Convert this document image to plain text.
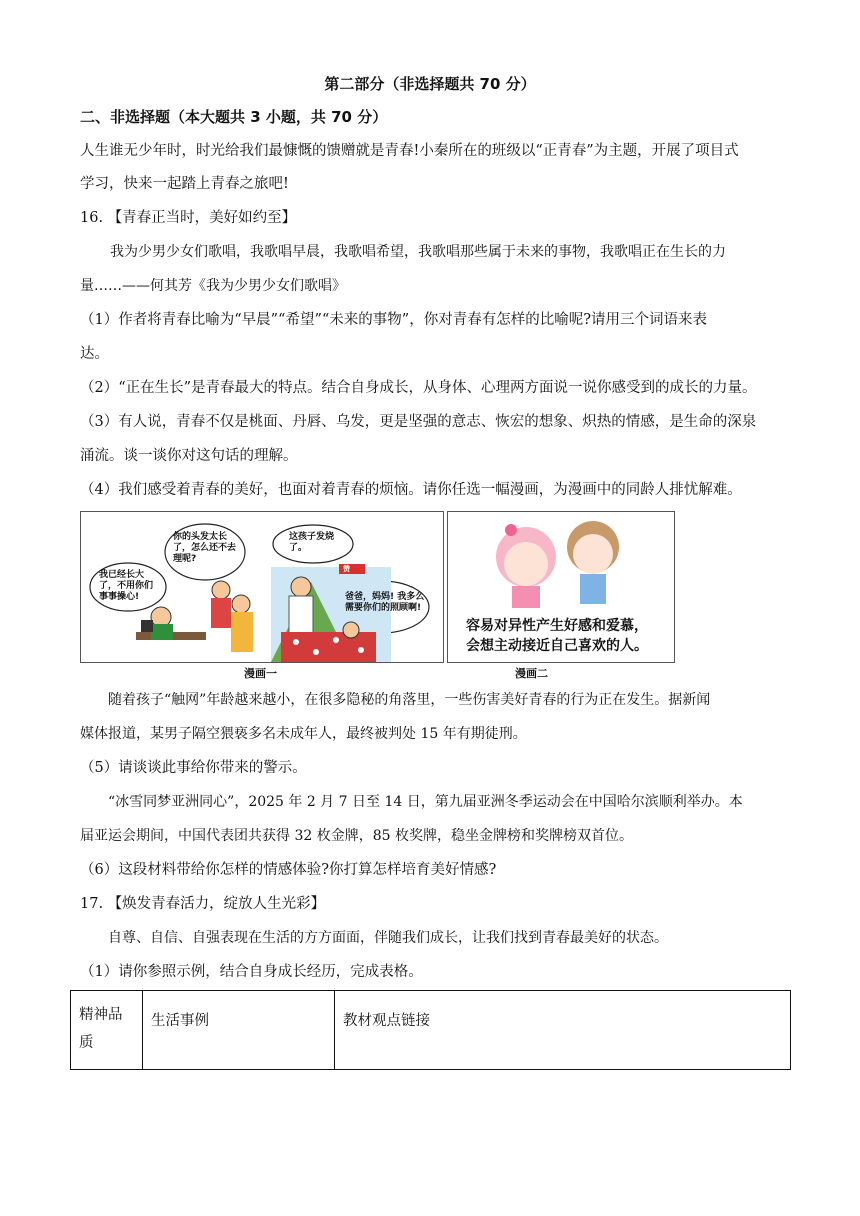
第二部分（非选择题共 70 分）
二、非选择题（本大题共 3 小题，共 70 分）
人生谁无少年时，时光给我们最慷慨的馈赠就是青春!小秦所在的班级以“正青春”为主题，开展了项目式
学习，快来一起踏上青春之旅吧!
16. 【青春正当时，美好如约至】
我为少男少女们歌唱，我歌唱早晨，我歌唱希望，我歌唱那些属于未来的事物，我歌唱正在生长的力
量……——何其芳《我为少男少女们歌唱》
（1）作者将青春比喻为“早晨”“希望”“未来的事物”，你对青春有怎样的比喻呢?请用三个词语来表
达。
（2）“正在生长”是青春最大的特点。结合自身成长，从身体、心理两方面说一说你感受到的成长的力量。
（3）有人说，青春不仅是桃面、丹唇、乌发，更是坚强的意志、恢宏的想象、炽热的情感，是生命的深泉
涌流。谈一谈你对这句话的理解。
（4）我们感受着青春的美好，也面对着青春的烦恼。请你任选一幅漫画，为漫画中的同龄人排忧解难。
我已经长大了，不用你们事事操心!
你的头发太长了，怎么还不去理呢?
这孩子发烧了。
爸爸，妈妈! 我多么需要你们的照顾啊!
赞
漫画一
容易对异性产生好感和爱慕，
会想主动接近自己喜欢的人。
漫画二
随着孩子“触网”年龄越来越小，在很多隐秘的角落里，一些伤害美好青春的行为正在发生。据新闻
媒体报道，某男子隔空猥亵多名未成年人，最终被判处 15 年有期徒刑。
（5）请谈谈此事给你带来的警示。
“冰雪同梦亚洲同心”，2025 年 2 月 7 日至 14 日，第九届亚洲冬季运动会在中国哈尔滨顺利举办。本
届亚运会期间，中国代表团共获得 32 枚金牌，85 枚奖牌，稳坐金牌榜和奖牌榜双首位。
（6）这段材料带给你怎样的情感体验?你打算怎样培育美好情感?
17. 【焕发青春活力，绽放人生光彩】
自尊、自信、自强表现在生活的方方面面，伴随我们成长，让我们找到青春最美好的状态。
（1）请你参照示例，结合自身成长经历，完成表格。
精神品质	生活事例	教材观点链接
